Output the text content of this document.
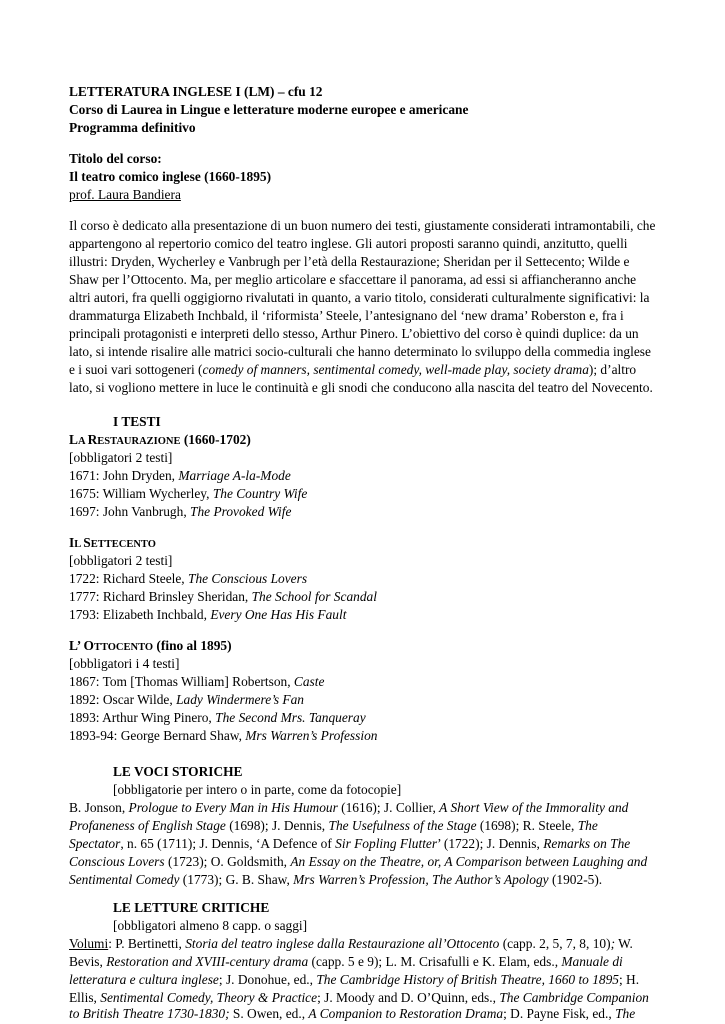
LETTERATURA INGLESE I (LM) – cfu 12
Corso di Laurea in Lingue e letterature moderne europee e americane
Programma definitivo
Titolo del corso:
Il teatro comico inglese (1660-1895)
prof. Laura Bandiera
Il corso è dedicato alla presentazione di un buon numero dei testi, giustamente considerati intramontabili, che
appartengono al repertorio comico del teatro inglese. Gli autori proposti saranno quindi, anzitutto, quelli
illustri: Dryden, Wycherley e Vanbrugh per l’età della Restaurazione; Sheridan per il Settecento; Wilde e
Shaw per l’Ottocento. Ma, per meglio articolare e sfaccettare il panorama, ad essi si affiancheranno anche
altri autori, fra quelli oggigiorno rivalutati in quanto, a vario titolo, considerati culturalmente significativi: la
drammaturga Elizabeth Inchbald, il ‘riformista’ Steele, l’antesignano del ‘new drama’ Roberston e, fra i
principali protagonisti e interpreti dello stesso, Arthur Pinero. L’obiettivo del corso è quindi duplice: da un
lato, si intende risalire alle matrici socio-culturali che hanno determinato lo sviluppo della commedia inglese
e i suoi vari sottogeneri (comedy of manners, sentimental comedy, well-made play, society drama); d’altro
lato, si vogliono mettere in luce le continuità e gli snodi che conducono alla nascita del teatro del Novecento.
I TESTI
LA RESTAURAZIONE (1660-1702)
[obbligatori 2 testi]
1671: John Dryden, Marriage A-la-Mode
1675: William Wycherley, The Country Wife
1697: John Vanbrugh, The Provoked Wife
IL SETTECENTO
[obbligatori 2 testi]
1722: Richard Steele, The Conscious Lovers
1777: Richard Brinsley Sheridan, The School for Scandal
1793: Elizabeth Inchbald, Every One Has His Fault
L’ OTTOCENTO (fino al 1895)
[obbligatori i 4 testi]
1867: Tom [Thomas William] Robertson, Caste
1892: Oscar Wilde, Lady Windermere’s Fan
1893: Arthur Wing Pinero, The Second Mrs. Tanqueray
1893-94: George Bernard Shaw, Mrs Warren’s Profession
LE VOCI STORICHE
[obbligatorie per intero o in parte, come da fotocopie]
B. Jonson, Prologue to Every Man in His Humour (1616); J. Collier, A Short View of the Immorality and
Profaneness of English Stage (1698); J. Dennis, The Usefulness of the Stage (1698); R. Steele, The
Spectator, n. 65 (1711); J. Dennis, ‘A Defence of Sir Fopling Flutter’ (1722); J. Dennis, Remarks on The
Conscious Lovers (1723); O. Goldsmith, An Essay on the Theatre, or, A Comparison between Laughing and
Sentimental Comedy (1773); G. B. Shaw, Mrs Warren’s Profession, The Author’s Apology (1902-5).
LE LETTURE CRITICHE
[obbligatori almeno 8 capp. o saggi]
Volumi: P. Bertinetti, Storia del teatro inglese dalla Restaurazione all’Ottocento (capp. 2, 5, 7, 8, 10); W.
Bevis, Restoration and XVIII-century drama (capp. 5 e 9); L. M. Crisafulli e K. Elam, eds., Manuale di
letteratura e cultura inglese; J. Donohue, ed., The Cambridge History of British Theatre, 1660 to 1895; H.
Ellis, Sentimental Comedy, Theory & Practice; J. Moody and D. O’Quinn, eds., The Cambridge Companion
to British Theatre 1730-1830; S. Owen, ed., A Companion to Restoration Drama; D. Payne Fisk, ed., The
